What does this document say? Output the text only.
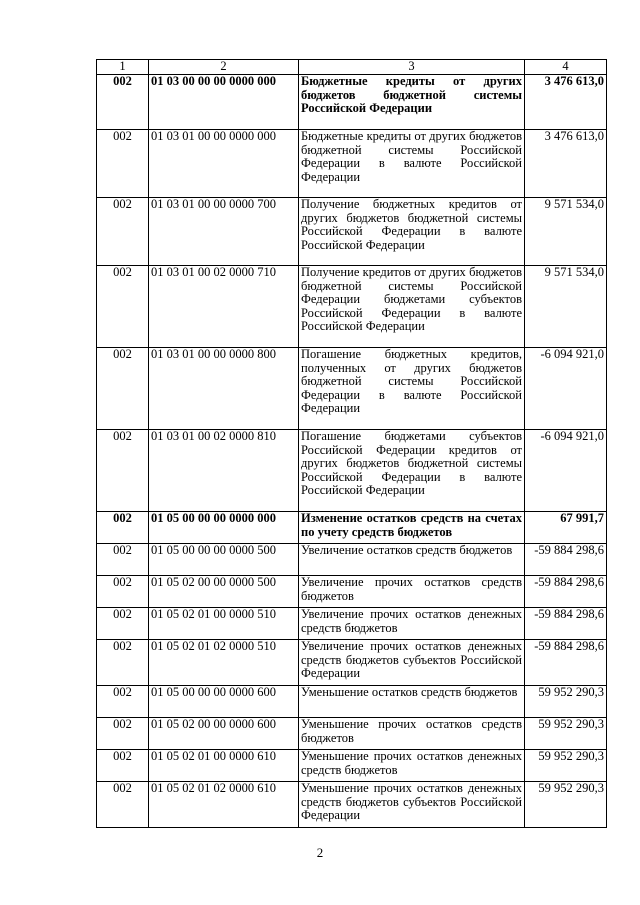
1	2	3	4
002	01 03 00 00 00 0000 000	Бюджетные кредиты от других бюджетов бюджетной системы Российской Федерации	3 476 613,0
002	01 03 01 00 00 0000 000	Бюджетные кредиты от других бюджетов бюджетной системы Российской Федерации в валюте Российской Федерации	3 476 613,0
002	01 03 01 00 00 0000 700	Получение бюджетных кредитов от других бюджетов бюджетной системы Российской Федерации в валюте Российской Федерации	9 571 534,0
002	01 03 01 00 02 0000 710	Получение кредитов от других бюджетов бюджетной системы Российской Федерации бюджетами субъектов Российской Федерации в валюте Российской Федерации	9 571 534,0
002	01 03 01 00 00 0000 800	Погашение бюджетных кредитов, полученных от других бюджетов бюджетной системы Российской Федерации в валюте Российской Федерации	-6 094 921,0
002	01 03 01 00 02 0000 810	Погашение бюджетами субъектов Российской Федерации кредитов от других бюджетов бюджетной системы Российской Федерации в валюте Российской Федерации	-6 094 921,0
002	01 05 00 00 00 0000 000	Изменение остатков средств на счетах по учету средств бюджетов	67 991,7
002	01 05 00 00 00 0000 500	Увеличение остатков средств бюджетов	-59 884 298,6
002	01 05 02 00 00 0000 500	Увеличение прочих остатков средств бюджетов	-59 884 298,6
002	01 05 02 01 00 0000 510	Увеличение прочих остатков денежных средств бюджетов	-59 884 298,6
002	01 05 02 01 02 0000 510	Увеличение прочих остатков денежных средств бюджетов субъектов Российской Федерации	-59 884 298,6
002	01 05 00 00 00 0000 600	Уменьшение остатков средств бюджетов	59 952 290,3
002	01 05 02 00 00 0000 600	Уменьшение прочих остатков средств бюджетов	59 952 290,3
002	01 05 02 01 00 0000 610	Уменьшение прочих остатков денежных средств бюджетов	59 952 290,3
002	01 05 02 01 02 0000 610	Уменьшение прочих остатков денежных средств бюджетов субъектов Российской Федерации	59 952 290,3
2
